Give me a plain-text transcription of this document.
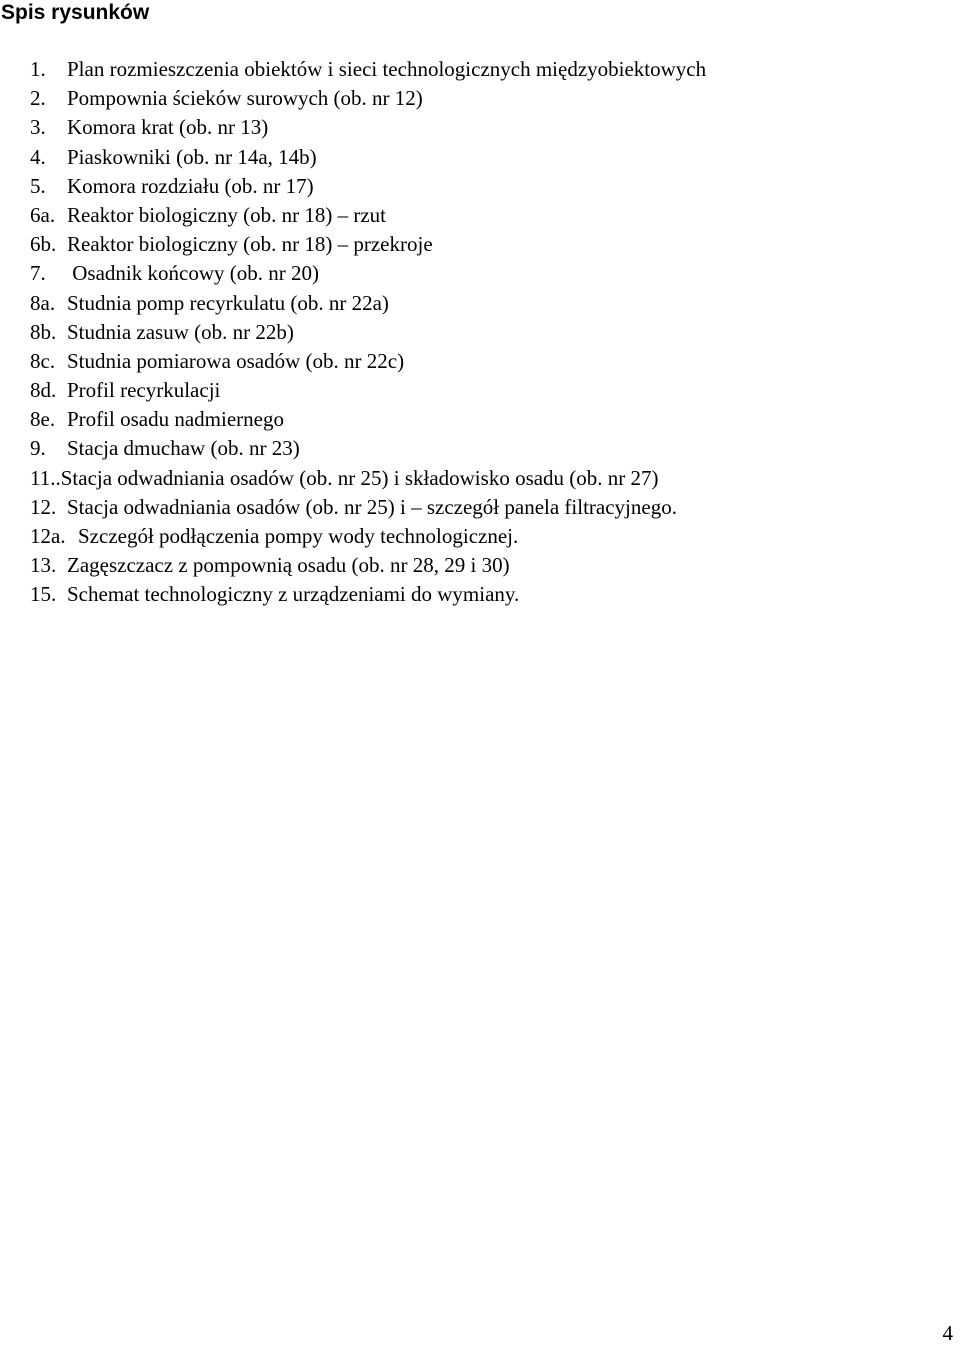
Spis rysunków
1.	Plan rozmieszczenia obiektów i sieci technologicznych międzyobiektowych
2.	Pompownia ścieków surowych (ob. nr 12)
3.	Komora krat (ob. nr 13)
4.	Piaskowniki (ob. nr 14a, 14b)
5.	Komora rozdziału (ob. nr 17)
6a. Reaktor biologiczny (ob. nr 18) – rzut
6b. Reaktor biologiczny (ob. nr 18) – przekroje
7.	Osadnik końcowy (ob. nr 20)
8a. Studnia pomp recyrkulatu (ob. nr 22a)
8b. Studnia zasuw (ob. nr 22b)
8c. Studnia pomiarowa osadów (ob. nr 22c)
8d. Profil recyrkulacji
8e. Profil osadu nadmiernego
9.	Stacja dmuchaw (ob. nr 23)
11.. Stacja odwadniania osadów (ob. nr 25) i składowisko osadu (ob. nr 27)
12. Stacja odwadniania osadów (ob. nr 25) i – szczegół panela filtracyjnego.
12a. Szczegół podłączenia pompy wody technologicznej.
13. Zagęszczacz z pompownią osadu (ob. nr 28, 29 i 30)
15. Schemat technologiczny z urządzeniami do wymiany.
4
